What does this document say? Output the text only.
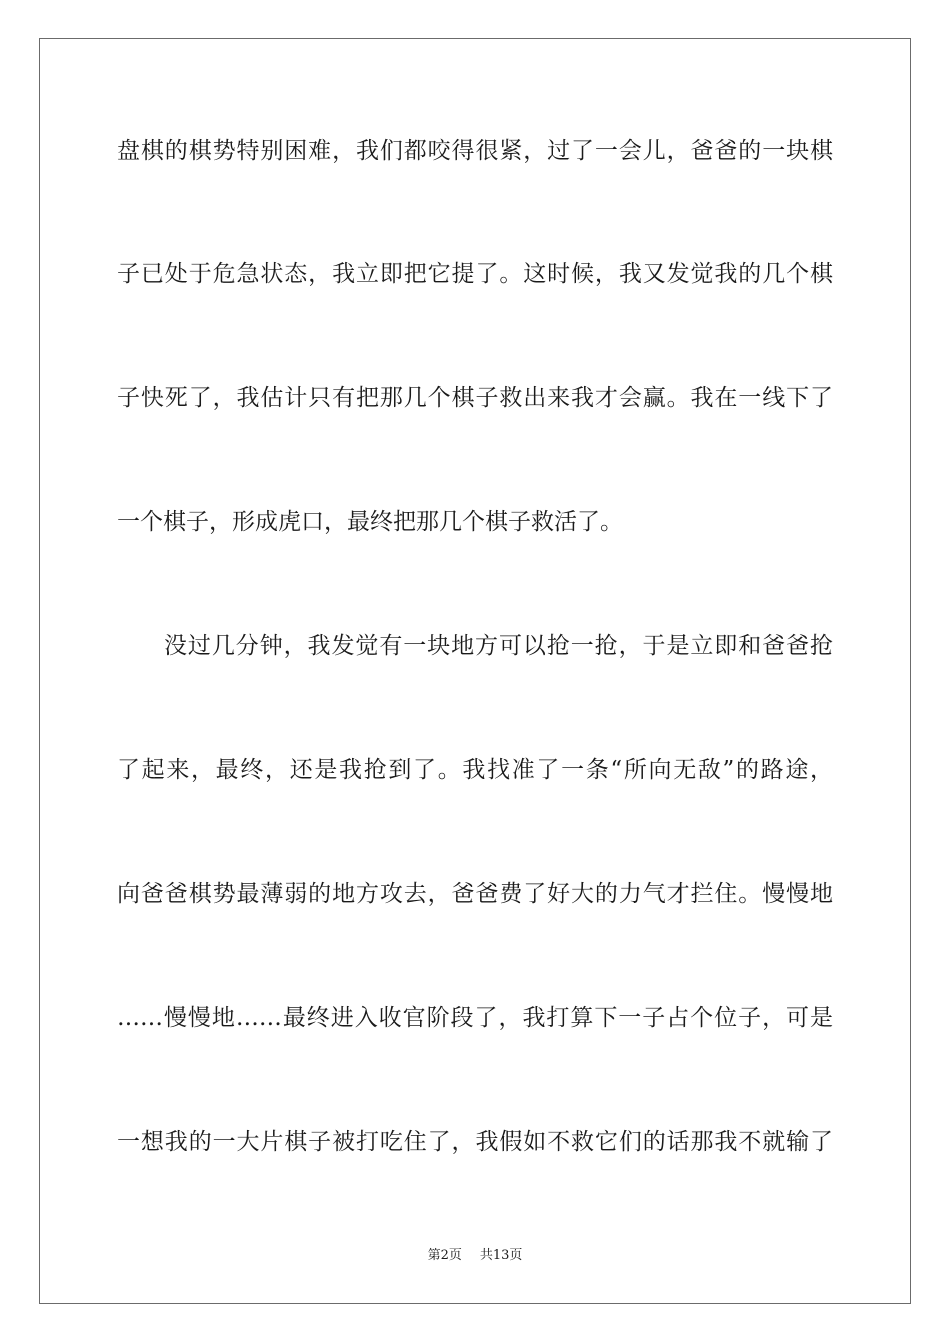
盘棋的棋势特别困难，我们都咬得很紧，过了一会儿，爸爸的一块棋
子已处于危急状态，我立即把它提了。这时候，我又发觉我的几个棋
子快死了，我估计只有把那几个棋子救出来我才会赢。我在一线下了
一个棋子，形成虎口，最终把那几个棋子救活了。
没过几分钟，我发觉有一块地方可以抢一抢，于是立即和爸爸抢
了起来，最终，还是我抢到了。我找准了一条“所向无敌”的路途，
向爸爸棋势最薄弱的地方攻去，爸爸费了好大的力气才拦住。慢慢地
……慢慢地……最终进入收官阶段了，我打算下一子占个位子，可是
一想我的一大片棋子被打吃住了，我假如不救它们的话那我不就输了
第2页 共13页
